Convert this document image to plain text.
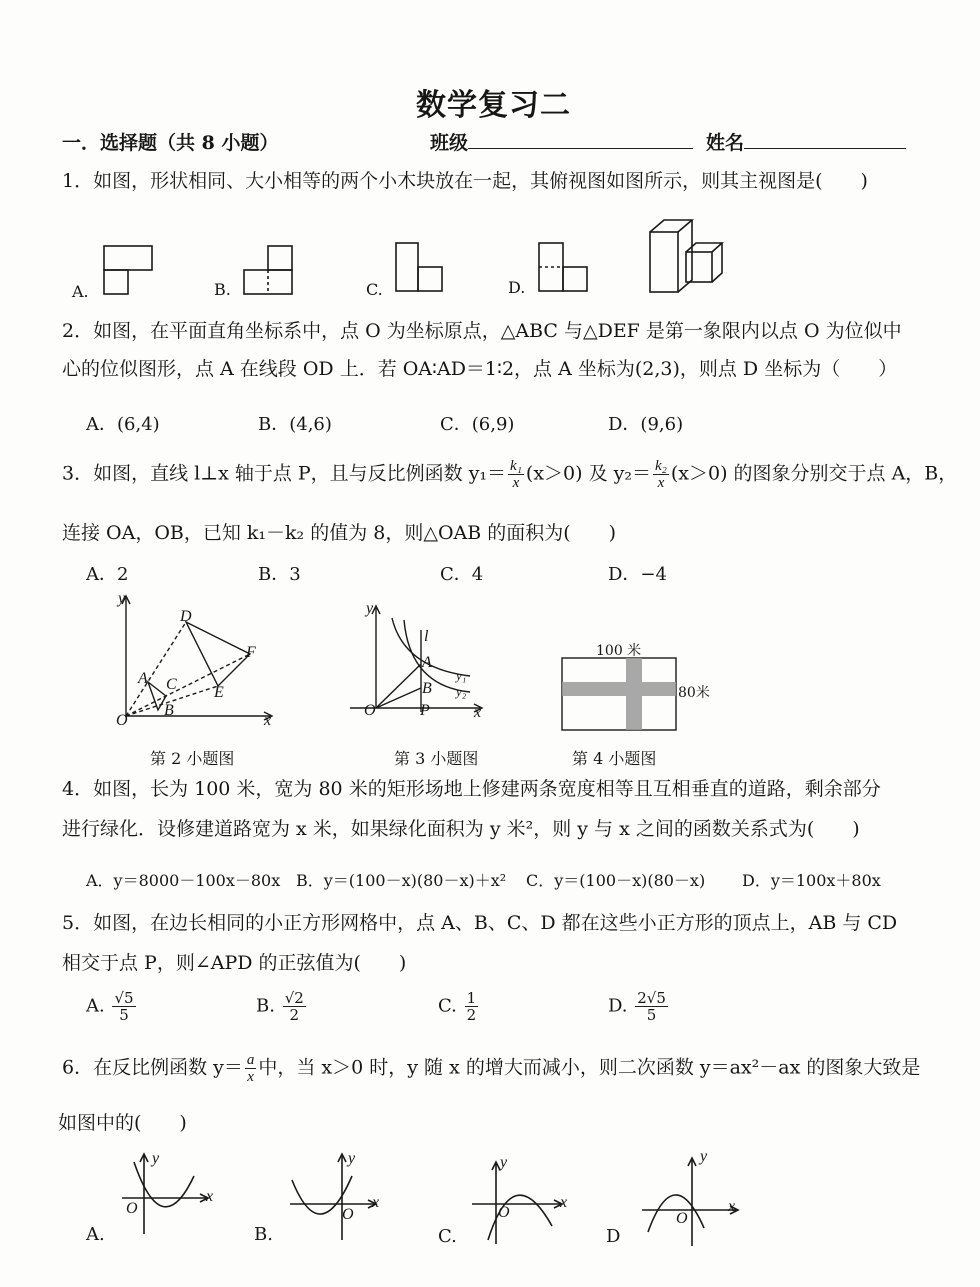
数学复习二
一．选择题（共 8 小题）	班级	姓名
1．如图，形状相同、大小相等的两个小木块放在一起，其俯视图如图所示，则其主视图是(　　)
A.	B.	C.	D.
2．如图，在平面直角坐标系中，点 O 为坐标原点，△ABC 与△DEF 是第一象限内以点 O 为位似中
心的位似图形，点 A 在线段 OD 上．若 OA∶AD＝1∶2，点 A 坐标为(2,3)，则点 D 坐标为（　　）
A．(6,4)	B．(4,6)	C．(6,9)	D．(9,6)
3．如图，直线 l⊥x 轴于点 P，且与反比例函数 $y_1= \frac{\text{k₁}}{x} (x>0)$ 及 $y_2= \frac{\text{k₂}}{x} (x>0)$ 的图象分别交于点 A，B，
连接 OA，OB，已知 k₁－k₂ 的值为 8，则△OAB 的面积为(　　)
A．2	B．3	C．4	D．−4
y
x
O
A
B
C
D
E
F
y
x
O	P
A
B
l
y₁
y₂
100 米
80米
第 2 小题图	第 3 小题图	第 4 小题图
4．如图，长为 100 米，宽为 80 米的矩形场地上修建两条宽度相等且互相垂直的道路，剩余部分
进行绿化．设修建道路宽为 x 米，如果绿化面积为 y 米²，则 y 与 x 之间的函数关系式为(　　)
A．y＝8000－100x－80x B．y＝(100－x)(80－x)＋x² C．y＝(100－x)(80－x) D．y＝100x＋80x
5．如图，在边长相同的小正方形网格中，点 A、B、C、D 都在这些小正方形的顶点上，AB 与 CD
相交于点 P，则∠APD 的正弦值为(　　)
A. $\frac{√5}{5}$	B. $\frac{√2}{2}$	C. $\frac{1}{2}$	D. $\frac{2√5}{5}$
6．在反比例函数 $y= \frac{a}{x}$ 中，当 x＞0 时，y 随 x 的增大而减小，则二次函数 y＝ax²－ax 的图象大致是
如图中的(　　)
y
x
O
y
x
O
y
x
O
y
x
O
A.	B.	C.	D
